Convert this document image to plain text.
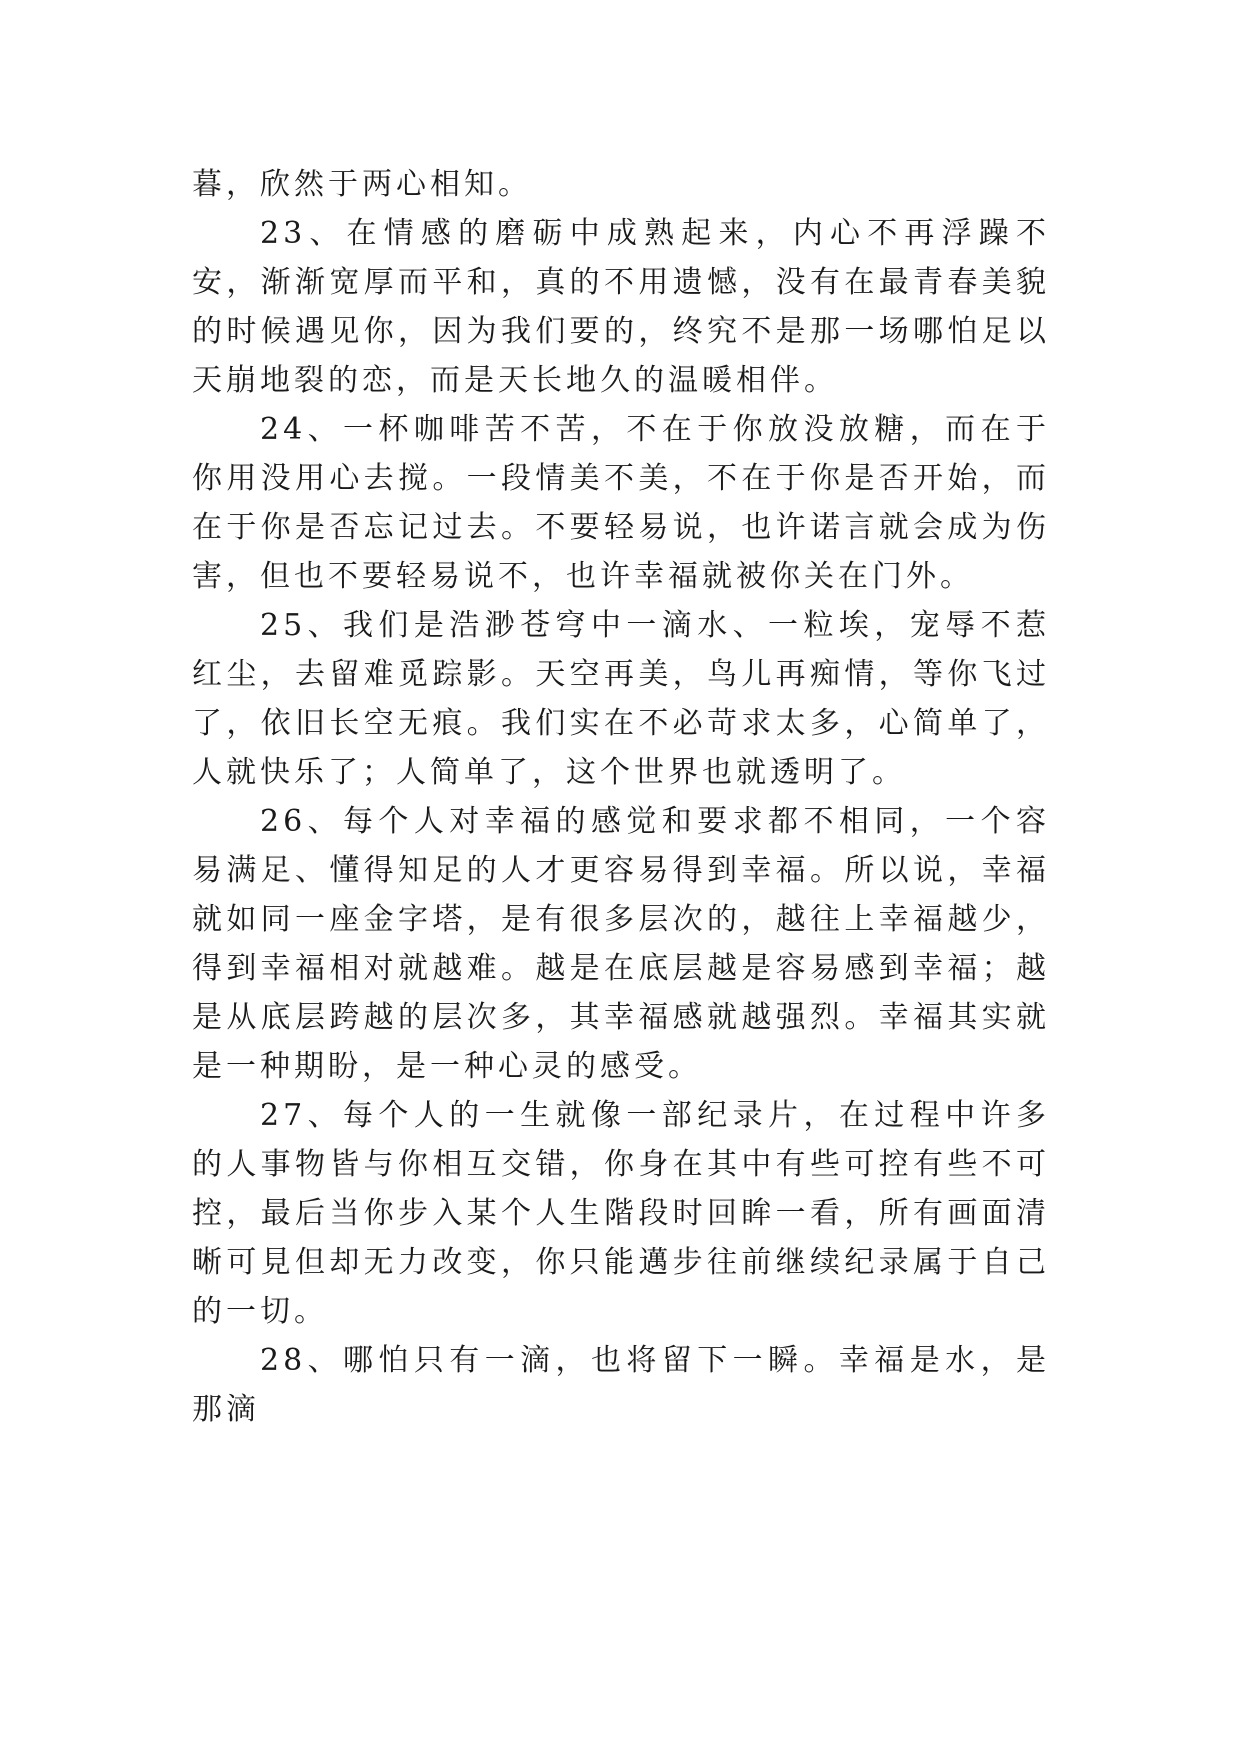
暮，欣然于两心相知。

23、在情感的磨砺中成熟起来，内心不再浮躁不安，渐渐宽厚而平和，真的不用遗憾，没有在最青春美貌的时候遇见你，因为我们要的，终究不是那一场哪怕足以天崩地裂的恋，而是天长地久的温暖相伴。

24、一杯咖啡苦不苦，不在于你放没放糖，而在于你用没用心去搅。一段情美不美，不在于你是否开始，而在于你是否忘记过去。不要轻易说，也许诺言就会成为伤害，但也不要轻易说不，也许幸福就被你关在门外。

25、我们是浩渺苍穹中一滴水、一粒埃，宠辱不惹红尘，去留难觅踪影。天空再美，鸟儿再痴情，等你飞过了，依旧长空无痕。我们实在不必苛求太多，心简单了，人就快乐了；人简单了，这个世界也就透明了。

26、每个人对幸福的感觉和要求都不相同，一个容易满足、懂得知足的人才更容易得到幸福。所以说，幸福就如同一座金字塔，是有很多层次的，越往上幸福越少，得到幸福相对就越难。越是在底层越是容易感到幸福；越是从底层跨越的层次多，其幸福感就越强烈。幸福其实就是一种期盼，是一种心灵的感受。

27、每个人的一生就像一部纪录片，在过程中许多的人事物皆与你相互交错，你身在其中有些可控有些不可控，最后当你步入某个人生階段时回眸一看，所有画面清晰可見但却无力改变，你只能邁步往前继续纪录属于自己的一切。

28、哪怕只有一滴，也将留下一瞬。幸福是水，是那滴
